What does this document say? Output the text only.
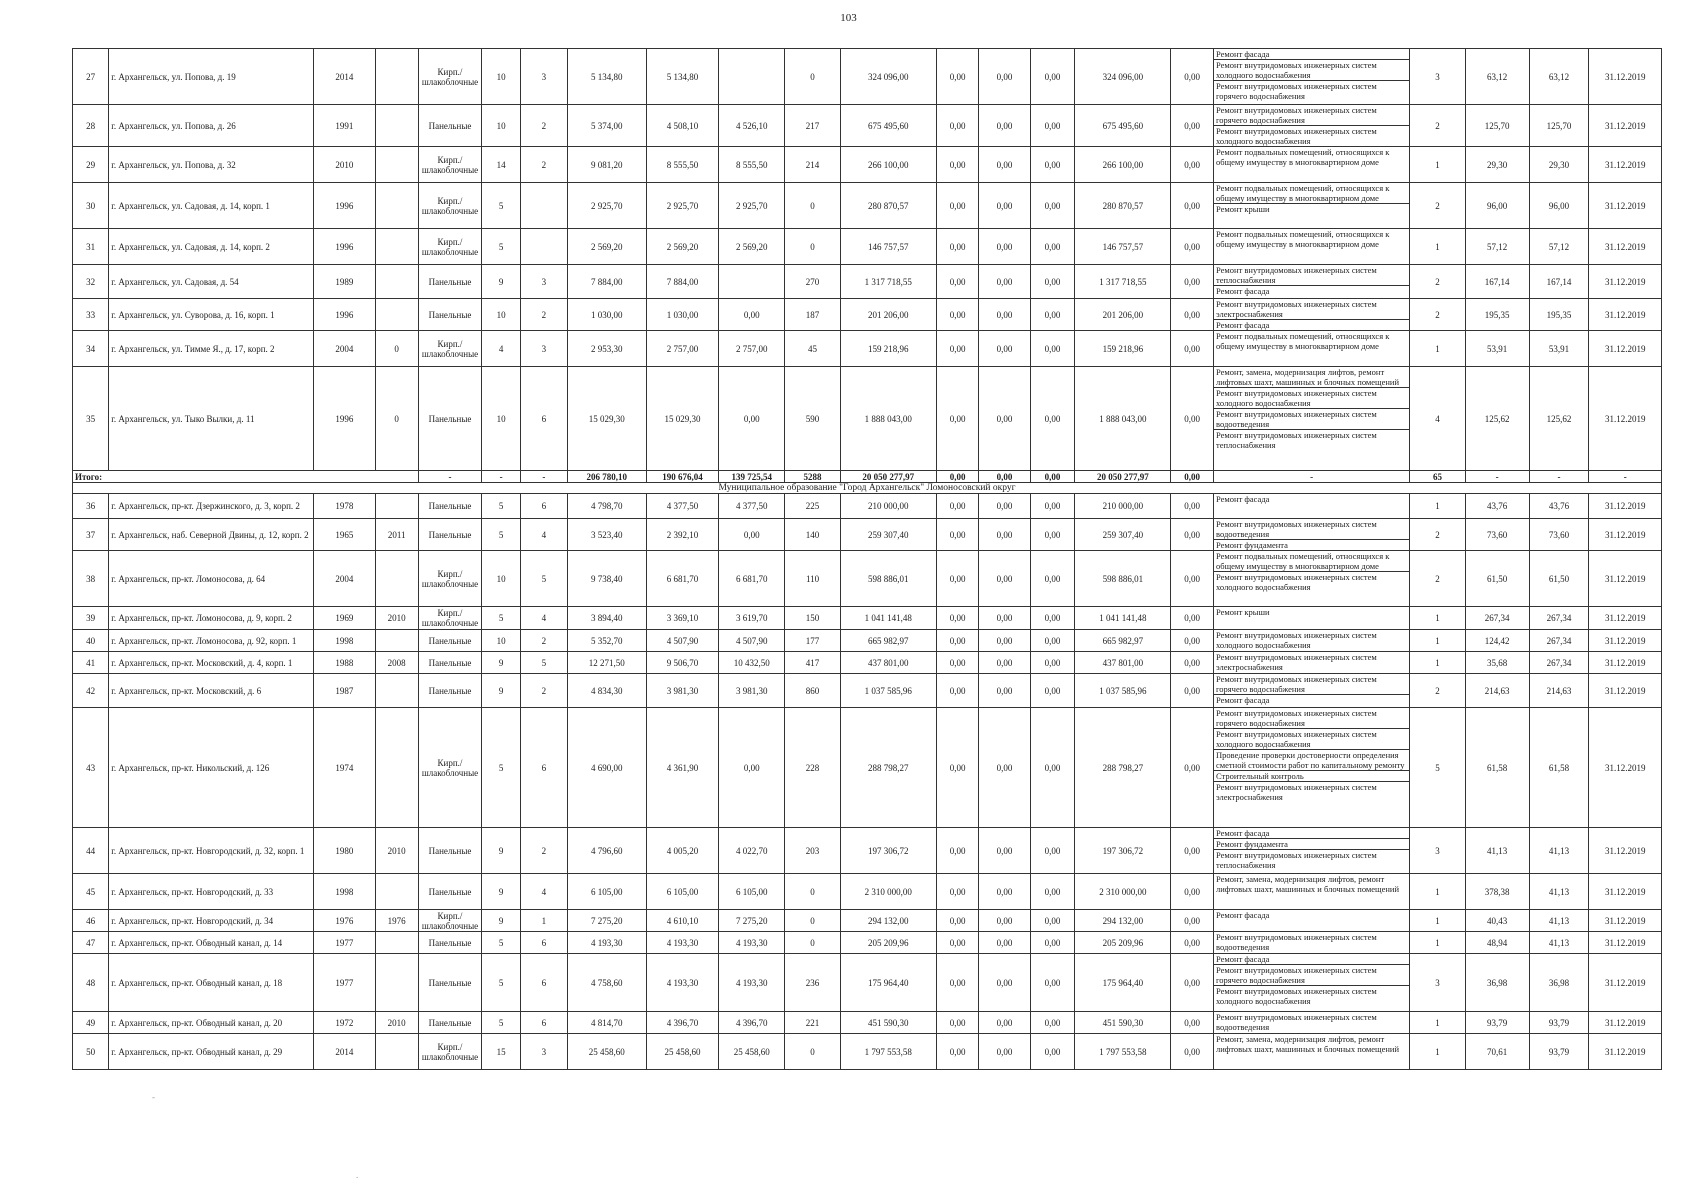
103
27	г. Архангельск, ул. Попова, д. 19	2014		Кирп./ шлакоблочные	10	3	5 134,80	5 134,80		0	324 096,00	0,00	0,00	0,00	324 096,00	0,00	Ремонт фасада
Ремонт внутридомовых инженерных систем холодного водоснабжения
Ремонт внутридомовых инженерных систем горячего водоснабжения	3	63,12	63,12	31.12.2019
28	г. Архангельск, ул. Попова, д. 26	1991		Панельные	10	2	5 374,00	4 508,10	4 526,10	217	675 495,60	0,00	0,00	0,00	675 495,60	0,00	Ремонт внутридомовых инженерных систем горячего водоснабжения
Ремонт внутридомовых инженерных систем холодного водоснабжения	2	125,70	125,70	31.12.2019
29	г. Архангельск, ул. Попова, д. 32	2010		Кирп./ шлакоблочные	14	2	9 081,20	8 555,50	8 555,50	214	266 100,00	0,00	0,00	0,00	266 100,00	0,00	Ремонт подвальных помещений, относящихся к общему имуществу в многоквартирном доме	1	29,30	29,30	31.12.2019
30	г. Архангельск, ул. Садовая, д. 14, корп. 1	1996		Кирп./ шлакоблочные	5		2 925,70	2 925,70	2 925,70	0	280 870,57	0,00	0,00	0,00	280 870,57	0,00	Ремонт подвальных помещений, относящихся к общему имуществу в многоквартирном доме
Ремонт крыши	2	96,00	96,00	31.12.2019
31	г. Архангельск, ул. Садовая, д. 14, корп. 2	1996		Кирп./ шлакоблочные	5		2 569,20	2 569,20	2 569,20	0	146 757,57	0,00	0,00	0,00	146 757,57	0,00	Ремонт подвальных помещений, относящихся к общему имуществу в многоквартирном доме	1	57,12	57,12	31.12.2019
32	г. Архангельск, ул. Садовая, д. 54	1989		Панельные	9	3	7 884,00	7 884,00		270	1 317 718,55	0,00	0,00	0,00	1 317 718,55	0,00	Ремонт внутридомовых инженерных систем теплоснабжения
Ремонт фасада	2	167,14	167,14	31.12.2019
33	г. Архангельск, ул. Суворова, д. 16, корп. 1	1996		Панельные	10	2	1 030,00	1 030,00	0,00	187	201 206,00	0,00	0,00	0,00	201 206,00	0,00	Ремонт внутридомовых инженерных систем электроснабжения
Ремонт фасада	2	195,35	195,35	31.12.2019
34	г. Архангельск, ул. Тимме Я., д. 17, корп. 2	2004	0	Кирп./ шлакоблочные	4	3	2 953,30	2 757,00	2 757,00	45	159 218,96	0,00	0,00	0,00	159 218,96	0,00	Ремонт подвальных помещений, относящихся к общему имуществу в многоквартирном доме	1	53,91	53,91	31.12.2019
35	г. Архангельск, ул. Тыко Вылки, д. 11	1996	0	Панельные	10	6	15 029,30	15 029,30	0,00	590	1 888 043,00	0,00	0,00	0,00	1 888 043,00	0,00	Ремонт, замена, модернизация лифтов, ремонт лифтовых шахт, машинных и блочных помещений
Ремонт внутридомовых инженерных систем холодного водоснабжения
Ремонт внутридомовых инженерных систем водоотведения
Ремонт внутридомовых инженерных систем теплоснабжения	4	125,62	125,62	31.12.2019
Итого:				-	-	-	206 780,10	190 676,04	139 725,54	5288	20 050 277,97	0,00	0,00	0,00	20 050 277,97	0,00	-	65	-	-	-
Муниципальное образование "Город Архангельск" Ломоносовский округ																					
36	г. Архангельск, пр-кт. Дзержинского, д. 3, корп. 2	1978		Панельные	5	6	4 798,70	4 377,50	4 377,50	225	210 000,00	0,00	0,00	0,00	210 000,00	0,00	Ремонт фасада	1	43,76	43,76	31.12.2019
37	г. Архангельск, наб. Северной Двины, д. 12, корп. 2	1965	2011	Панельные	5	4	3 523,40	2 392,10	0,00	140	259 307,40	0,00	0,00	0,00	259 307,40	0,00	Ремонт внутридомовых инженерных систем водоотведения
Ремонт фундамента	2	73,60	73,60	31.12.2019
38	г. Архангельск, пр-кт. Ломоносова, д. 64	2004		Кирп./ шлакоблочные	10	5	9 738,40	6 681,70	6 681,70	110	598 886,01	0,00	0,00	0,00	598 886,01	0,00	Ремонт подвальных помещений, относящихся к общему имуществу в многоквартирном доме
Ремонт внутридомовых инженерных систем холодного водоснабжения	2	61,50	61,50	31.12.2019
39	г. Архангельск, пр-кт. Ломоносова, д. 9, корп. 2	1969	2010	Кирп./ шлакоблочные	5	4	3 894,40	3 369,10	3 619,70	150	1 041 141,48	0,00	0,00	0,00	1 041 141,48	0,00	Ремонт крыши	1	267,34	267,34	31.12.2019
40	г. Архангельск, пр-кт. Ломоносова, д. 92, корп. 1	1998		Панельные	10	2	5 352,70	4 507,90	4 507,90	177	665 982,97	0,00	0,00	0,00	665 982,97	0,00	Ремонт внутридомовых инженерных систем холодного водоснабжения	1	124,42	267,34	31.12.2019
41	г. Архангельск, пр-кт. Московский, д. 4, корп. 1	1988	2008	Панельные	9	5	12 271,50	9 506,70	10 432,50	417	437 801,00	0,00	0,00	0,00	437 801,00	0,00	Ремонт внутридомовых инженерных систем электроснабжения	1	35,68	267,34	31.12.2019
42	г. Архангельск, пр-кт. Московский, д. 6	1987		Панельные	9	2	4 834,30	3 981,30	3 981,30	860	1 037 585,96	0,00	0,00	0,00	1 037 585,96	0,00	Ремонт внутридомовых инженерных систем горячего водоснабжения
Ремонт фасада	2	214,63	214,63	31.12.2019
43	г. Архангельск, пр-кт. Никольский, д. 126	1974		Кирп./ шлакоблочные	5	6	4 690,00	4 361,90	0,00	228	288 798,27	0,00	0,00	0,00	288 798,27	0,00	Ремонт внутридомовых инженерных систем горячего водоснабжения
Ремонт внутридомовых инженерных систем холодного водоснабжения
Проведение проверки достоверности определения сметной стоимости работ по капитальному ремонту
Строительный контроль
Ремонт внутридомовых инженерных систем электроснабжения	5	61,58	61,58	31.12.2019
44	г. Архангельск, пр-кт. Новгородский, д. 32, корп. 1	1980	2010	Панельные	9	2	4 796,60	4 005,20	4 022,70	203	197 306,72	0,00	0,00	0,00	197 306,72	0,00	Ремонт фасада
Ремонт фундамента
Ремонт внутридомовых инженерных систем теплоснабжения	3	41,13	41,13	31.12.2019
45	г. Архангельск, пр-кт. Новгородский, д. 33	1998		Панельные	9	4	6 105,00	6 105,00	6 105,00	0	2 310 000,00	0,00	0,00	0,00	2 310 000,00	0,00	Ремонт, замена, модернизация лифтов, ремонт лифтовых шахт, машинных и блочных помещений	1	378,38	41,13	31.12.2019
46	г. Архангельск, пр-кт. Новгородский, д. 34	1976	1976	Кирп./ шлакоблочные	9	1	7 275,20	4 610,10	7 275,20	0	294 132,00	0,00	0,00	0,00	294 132,00	0,00	Ремонт фасада	1	40,43	41,13	31.12.2019
47	г. Архангельск, пр-кт. Обводный канал, д. 14	1977		Панельные	5	6	4 193,30	4 193,30	4 193,30	0	205 209,96	0,00	0,00	0,00	205 209,96	0,00	Ремонт внутридомовых инженерных систем водоотведения	1	48,94	41,13	31.12.2019
48	г. Архангельск, пр-кт. Обводный канал, д. 18	1977		Панельные	5	6	4 758,60	4 193,30	4 193,30	236	175 964,40	0,00	0,00	0,00	175 964,40	0,00	Ремонт фасада
Ремонт внутридомовых инженерных систем горячего водоснабжения
Ремонт внутридомовых инженерных систем холодного водоснабжения	3	36,98	36,98	31.12.2019
49	г. Архангельск, пр-кт. Обводный канал, д. 20	1972	2010	Панельные	5	6	4 814,70	4 396,70	4 396,70	221	451 590,30	0,00	0,00	0,00	451 590,30	0,00	Ремонт внутридомовых инженерных систем водоотведения	1	93,79	93,79	31.12.2019
50	г. Архангельск, пр-кт. Обводный канал, д. 29	2014		Кирп./ шлакоблочные	15	3	25 458,60	25 458,60	25 458,60	0	1 797 553,58	0,00	0,00	0,00	1 797 553,58	0,00	Ремонт, замена, модернизация лифтов, ремонт лифтовых шахт, машинных и блочных помещений	1	70,61	93,79	31.12.2019
-
.
